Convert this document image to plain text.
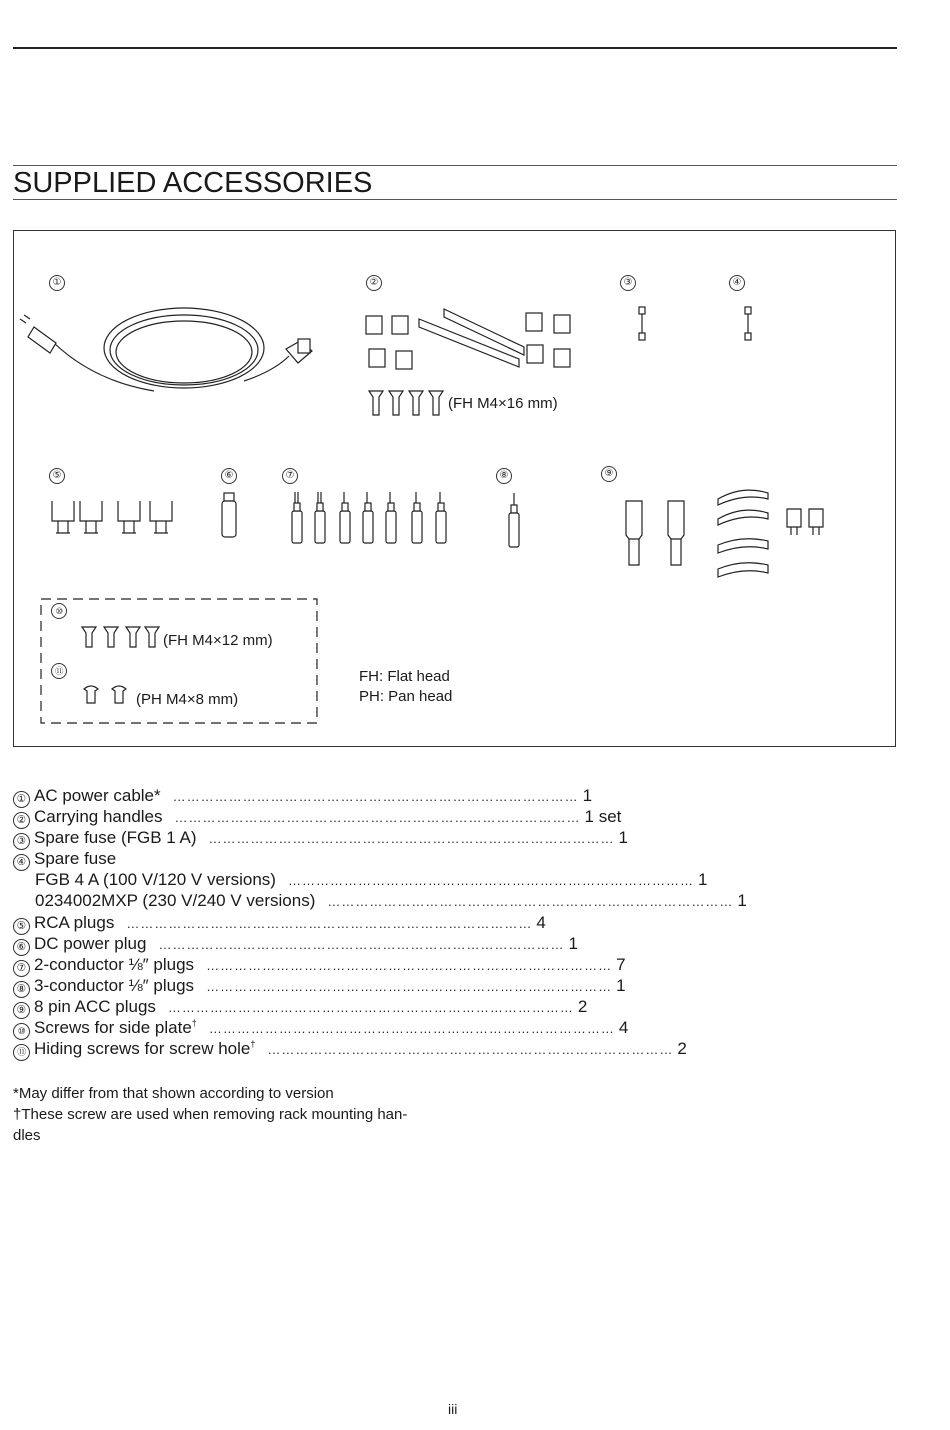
SUPPLIED ACCESSORIES
①	②	③	④
⑤	⑥	⑦	⑧	⑨
⑩
⑪
(FH M4×16 mm)
(FH M4×12 mm)
(PH M4×8 mm)
FH: Flat head
PH: Pan head
① AC power cable* …………………………………………………………………………… 1
② Carrying handles …………………………………………………………………………… 1 set
③ Spare fuse (FGB 1 A) …………………………………………………………………………… 1
④ Spare fuse
FGB 4 A (100 V/120 V versions) …………………………………………………………………………… 1
0234002MXP (230 V/240 V versions) …………………………………………………………………………… 1
⑤ RCA plugs …………………………………………………………………………… 4
⑥ DC power plug …………………………………………………………………………… 1
⑦ 2-conductor ⅛″ plugs …………………………………………………………………………… 7
⑧ 3-conductor ⅛″ plugs …………………………………………………………………………… 1
⑨ 8 pin ACC plugs …………………………………………………………………………… 2
⑩ Screws for side plate† …………………………………………………………………………… 4
⑪ Hiding screws for screw hole† …………………………………………………………………………… 2

*May differ from that shown according to version

†These screw are used when removing rack mounting han- dles

iii
